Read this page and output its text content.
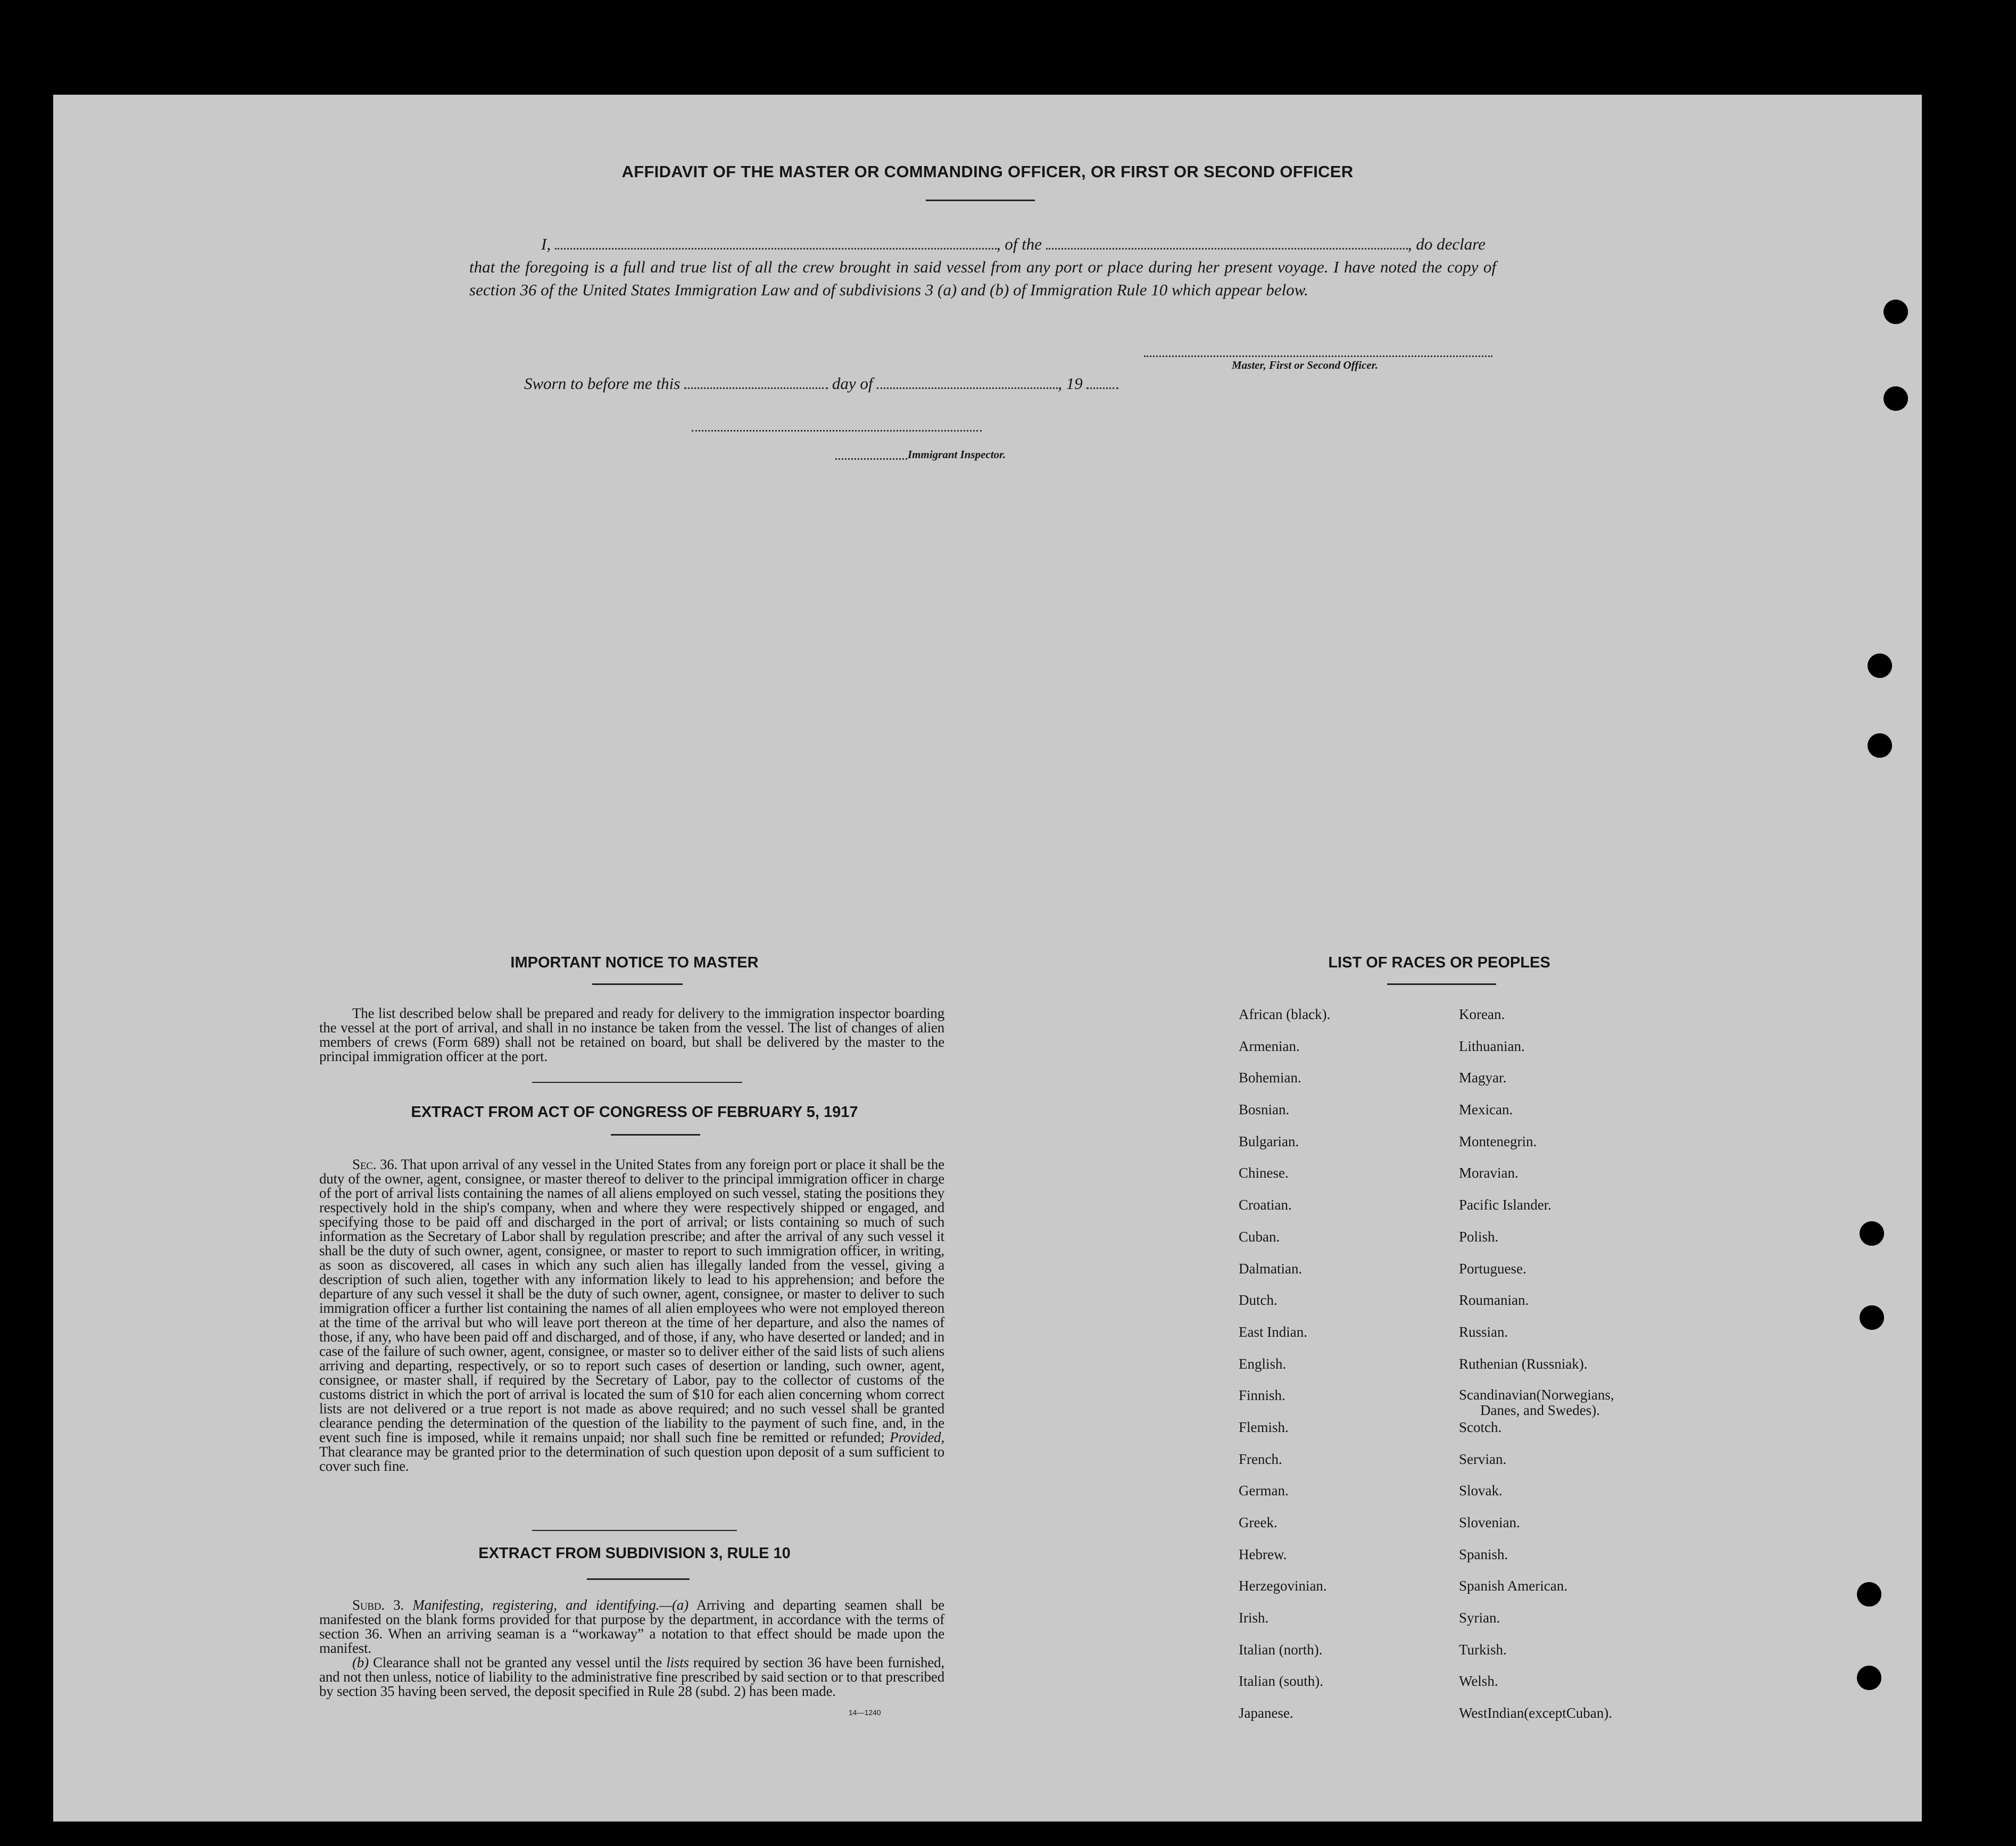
AFFIDAVIT OF THE MASTER OR COMMANDING OFFICER, OR FIRST OR SECOND OFFICER
I,	, of the	, do declare
that the foregoing is a full and true list of all the crew brought in said vessel from any port or place during her present voyage. I have noted the copy of section 36 of the United States Immigration Law and of subdivisions 3 (a) and (b) of Immigration Rule 10 which appear below.
Master, First or Second Officer.
Sworn to before me this	day of	, 19
Immigrant Inspector.
IMPORTANT NOTICE TO MASTER
The list described below shall be prepared and ready for delivery to the immigration inspector boarding the vessel at the port of arrival, and shall in no instance be taken from the vessel. The list of changes of alien members of crews (Form 689) shall not be retained on board, but shall be delivered by the master to the principal immigration officer at the port.
EXTRACT FROM ACT OF CONGRESS OF FEBRUARY 5, 1917
Sec. 36. That upon arrival of any vessel in the United States from any foreign port or place it shall be the duty of the owner, agent, consignee, or master thereof to deliver to the principal immigration officer in charge of the port of arrival lists containing the names of all aliens employed on such vessel, stating the positions they respectively hold in the ship's company, when and where they were respectively shipped or engaged, and specifying those to be paid off and discharged in the port of arrival; or lists containing so much of such information as the Secretary of Labor shall by regulation prescribe; and after the arrival of any such vessel it shall be the duty of such owner, agent, consignee, or master to report to such immigration officer, in writing, as soon as discovered, all cases in which any such alien has illegally landed from the vessel, giving a description of such alien, together with any information likely to lead to his apprehension; and before the departure of any such vessel it shall be the duty of such owner, agent, consignee, or master to deliver to such immigration officer a further list containing the names of all alien employees who were not employed thereon at the time of the arrival but who will leave port thereon at the time of her departure, and also the names of those, if any, who have been paid off and discharged, and of those, if any, who have deserted or landed; and in case of the failure of such owner, agent, consignee, or master so to deliver either of the said lists of such aliens arriving and departing, respectively, or so to report such cases of desertion or landing, such owner, agent, consignee, or master shall, if required by the Secretary of Labor, pay to the collector of customs of the customs district in which the port of arrival is located the sum of $10 for each alien concerning whom correct lists are not delivered or a true report is not made as above required; and no such vessel shall be granted clearance pending the determination of the question of the liability to the payment of such fine, and, in the event such fine is imposed, while it remains unpaid; nor shall such fine be remitted or refunded; Provided, That clearance may be granted prior to the determination of such question upon deposit of a sum sufficient to cover such fine.
EXTRACT FROM SUBDIVISION 3, RULE 10
Subd. 3. Manifesting, registering, and identifying.—(a) Arriving and departing seamen shall be manifested on the blank forms provided for that purpose by the department, in accordance with the terms of section 36. When an arriving seaman is a “workaway” a notation to that effect should be made upon the manifest.
(b) Clearance shall not be granted any vessel until the lists required by section 36 have been furnished, and not then unless, notice of liability to the administrative fine prescribed by said section or to that prescribed by section 35 having been served, the deposit specified in Rule 28 (subd. 2) has been made.
14—1240
LIST OF RACES OR PEOPLES
African (black).
Armenian.
Bohemian.
Bosnian.
Bulgarian.
Chinese.
Croatian.
Cuban.
Dalmatian.
Dutch.
East Indian.
English.
Finnish.
Flemish.
French.
German.
Greek.
Hebrew.
Herzegovinian.
Irish.
Italian (north).
Italian (south).
Japanese.
Korean.
Lithuanian.
Magyar.
Mexican.
Montenegrin.
Moravian.
Pacific Islander.
Polish.
Portuguese.
Roumanian.
Russian.
Ruthenian (Russniak).
Scandinavian(Norwegians,
Danes, and Swedes).
Scotch.
Servian.
Slovak.
Slovenian.
Spanish.
Spanish American.
Syrian.
Turkish.
Welsh.
WestIndian(exceptCuban).
